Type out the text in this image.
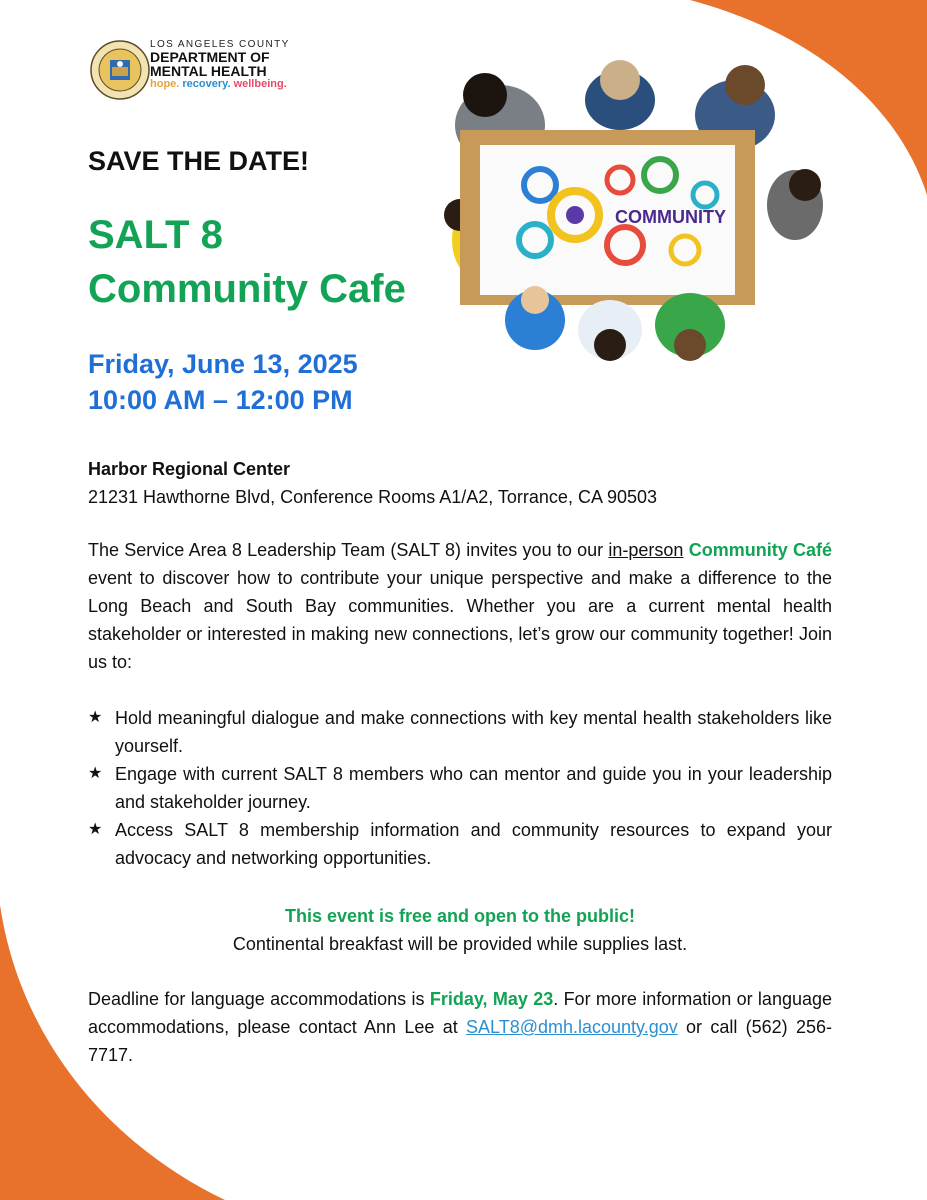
LOS ANGELES COUNTY
DEPARTMENT OF
MENTAL HEALTH
hope. recovery. wellbeing.
COMMUNITY
SAVE THE DATE!
SALT 8
Community Cafe
Friday, June 13, 2025
10:00 AM – 12:00 PM
Harbor Regional Center
21231 Hawthorne Blvd, Conference Rooms A1/A2, Torrance, CA 90503
The Service Area 8 Leadership Team (SALT 8) invites you to our in-person Community Café event to discover how to contribute your unique perspective and make a difference to the Long Beach and South Bay communities. Whether you are a current mental health stakeholder or interested in making new connections, let’s grow our community together! Join us to:
★ Hold meaningful dialogue and make connections with key mental health stakeholders like yourself.
★ Engage with current SALT 8 members who can mentor and guide you in your leadership and stakeholder journey.
★ Access SALT 8 membership information and community resources to expand your advocacy and networking opportunities.
This event is free and open to the public!
Continental breakfast will be provided while supplies last.
Deadline for language accommodations is Friday, May 23. For more information or language accommodations, please contact Ann Lee at SALT8@dmh.lacounty.gov or call (562) 256-7717.
